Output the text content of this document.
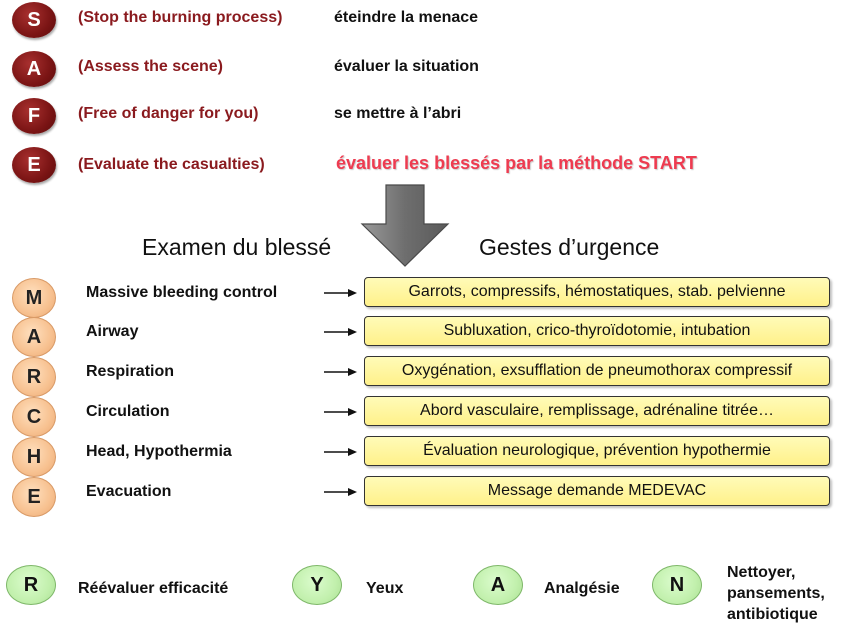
S (Stop the burning process)	éteindre la menace
A (Assess the scene)	évaluer la situation
F (Free of danger for you)	se mettre à l’abri
E (Evaluate the casualties)	évaluer les blessés par la méthode START
Examen du blessé	Gestes d’urgence
M	Massive bleeding control	Garrots, compressifs, hémostatiques, stab. pelvienne
A	Airway	Subluxation, crico-thyroïdotomie, intubation
R	Respiration	Oxygénation, exsufflation de pneumothorax compressif
C	Circulation	Abord vasculaire, remplissage, adrénaline titrée…
H	Head, Hypothermia	Évaluation neurologique, prévention hypothermie
E	Evacuation	Message demande MEDEVAC
R Réévaluer efficacité	Y	Yeux	A Analgésie	N
Nettoyer,
pansements,
antibiotique
